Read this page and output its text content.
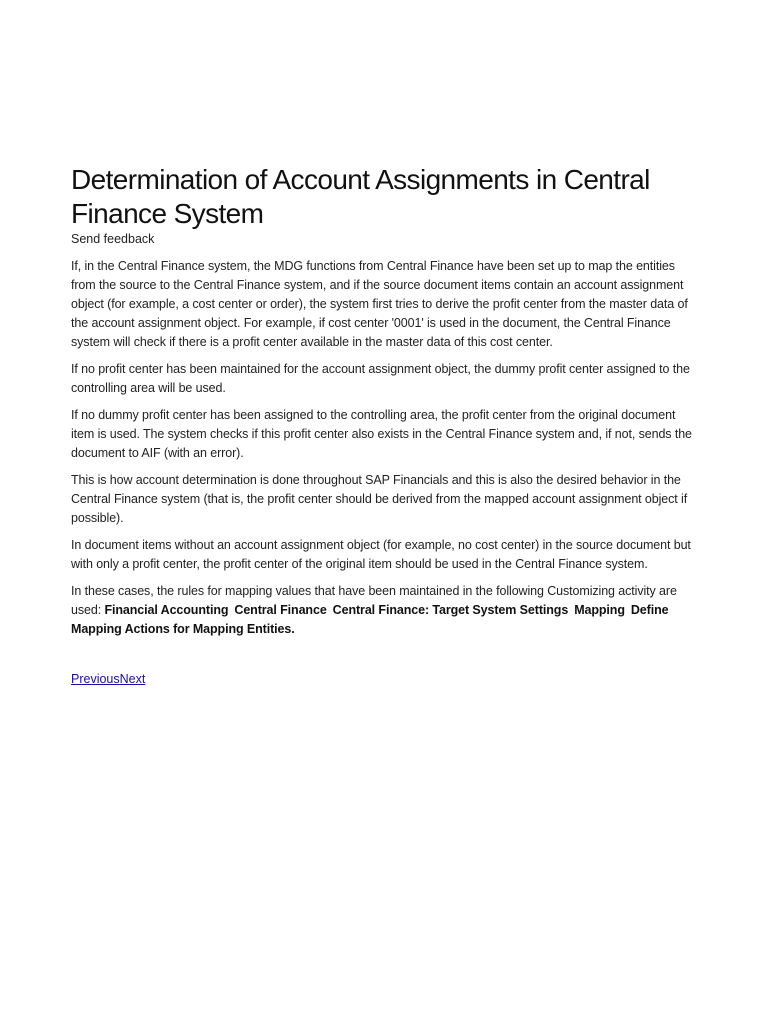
Determination of Account Assignments in Central Finance System
Send feedback

If, in the Central Finance system, the MDG functions from Central Finance have been set up to map the entities from the source to the Central Finance system, and if the source document items contain an account assignment object (for example, a cost center or order), the system first tries to derive the profit center from the master data of the account assignment object. For example, if cost center '0001' is used in the document, the Central Finance system will check if there is a profit center available in the master data of this cost center.

If no profit center has been maintained for the account assignment object, the dummy profit center assigned to the controlling area will be used.

If no dummy profit center has been assigned to the controlling area, the profit center from the original document item is used. The system checks if this profit center also exists in the Central Finance system and, if not, sends the document to AIF (with an error).

This is how account determination is done throughout SAP Financials and this is also the desired behavior in the Central Finance system (that is, the profit center should be derived from the mapped account assignment object if possible).

In document items without an account assignment object (for example, no cost center) in the source document but with only a profit center, the profit center of the original item should be used in the Central Finance system.

In these cases, the rules for mapping values that have been maintained in the following Customizing activity are used: Financial Accounting Central Finance Central Finance: Target System Settings Mapping Define Mapping Actions for Mapping Entities.

PreviousNext
